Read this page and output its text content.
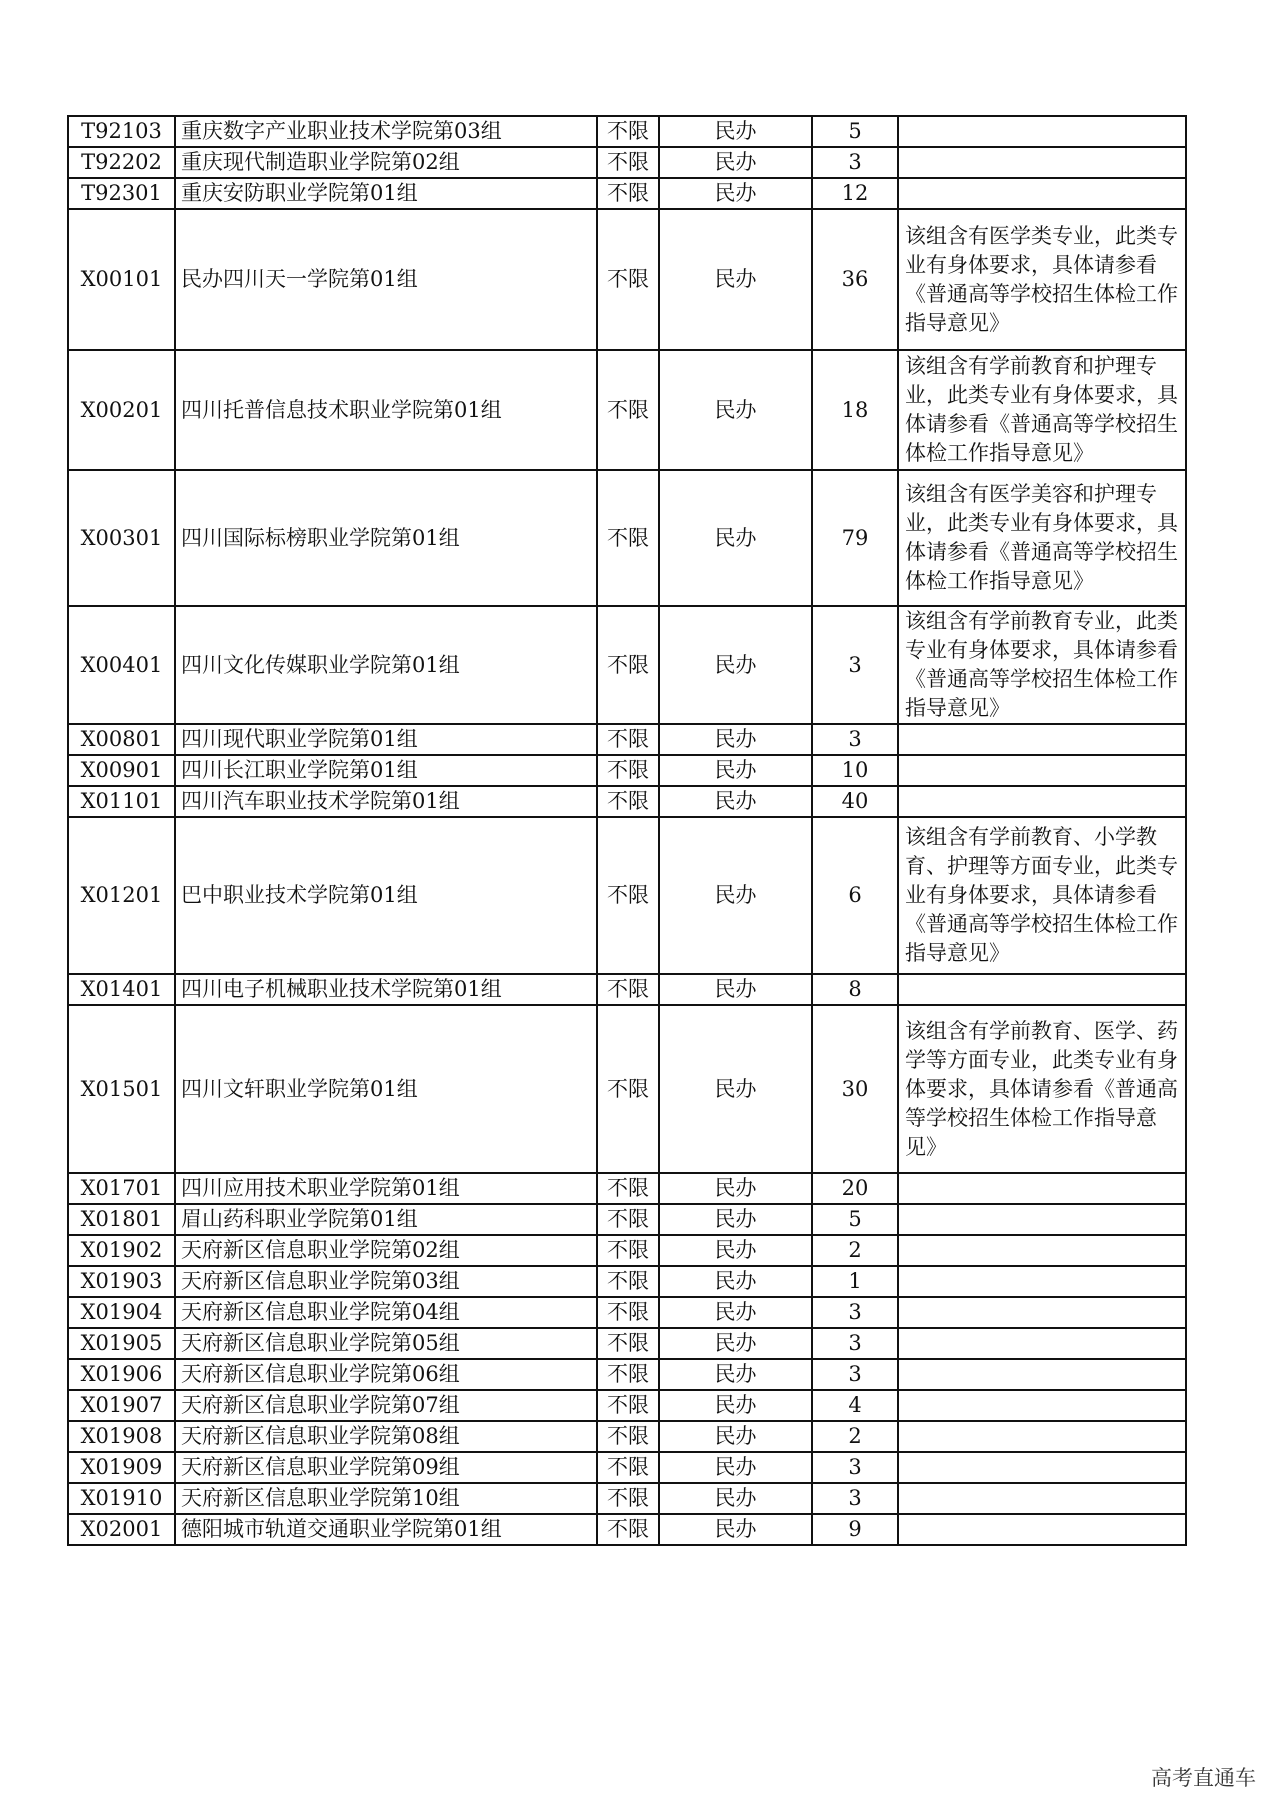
T92103	重庆数字产业职业技术学院第03组	不限	民办	5	
T92202	重庆现代制造职业学院第02组	不限	民办	3	
T92301	重庆安防职业学院第01组	不限	民办	12	
X00101	民办四川天一学院第01组	不限	民办	36	该组含有医学类专业，此类专业有身体要求，具体请参看《普通高等学校招生体检工作指导意见》
X00201	四川托普信息技术职业学院第01组	不限	民办	18	该组含有学前教育和护理专业，此类专业有身体要求，具体请参看《普通高等学校招生体检工作指导意见》
X00301	四川国际标榜职业学院第01组	不限	民办	79	该组含有医学美容和护理专业，此类专业有身体要求，具体请参看《普通高等学校招生体检工作指导意见》
X00401	四川文化传媒职业学院第01组	不限	民办	3	该组含有学前教育专业，此类专业有身体要求，具体请参看《普通高等学校招生体检工作指导意见》
X00801	四川现代职业学院第01组	不限	民办	3	
X00901	四川长江职业学院第01组	不限	民办	10	
X01101	四川汽车职业技术学院第01组	不限	民办	40	
X01201	巴中职业技术学院第01组	不限	民办	6	该组含有学前教育、小学教育、护理等方面专业，此类专业有身体要求，具体请参看《普通高等学校招生体检工作指导意见》
X01401	四川电子机械职业技术学院第01组	不限	民办	8	
X01501	四川文轩职业学院第01组	不限	民办	30	该组含有学前教育、医学、药学等方面专业，此类专业有身体要求，具体请参看《普通高等学校招生体检工作指导意见》
X01701	四川应用技术职业学院第01组	不限	民办	20	
X01801	眉山药科职业学院第01组	不限	民办	5	
X01902	天府新区信息职业学院第02组	不限	民办	2	
X01903	天府新区信息职业学院第03组	不限	民办	1	
X01904	天府新区信息职业学院第04组	不限	民办	3	
X01905	天府新区信息职业学院第05组	不限	民办	3	
X01906	天府新区信息职业学院第06组	不限	民办	3	
X01907	天府新区信息职业学院第07组	不限	民办	4	
X01908	天府新区信息职业学院第08组	不限	民办	2	
X01909	天府新区信息职业学院第09组	不限	民办	3	
X01910	天府新区信息职业学院第10组	不限	民办	3	
X02001	德阳城市轨道交通职业学院第01组	不限	民办	9	
高考直通车
